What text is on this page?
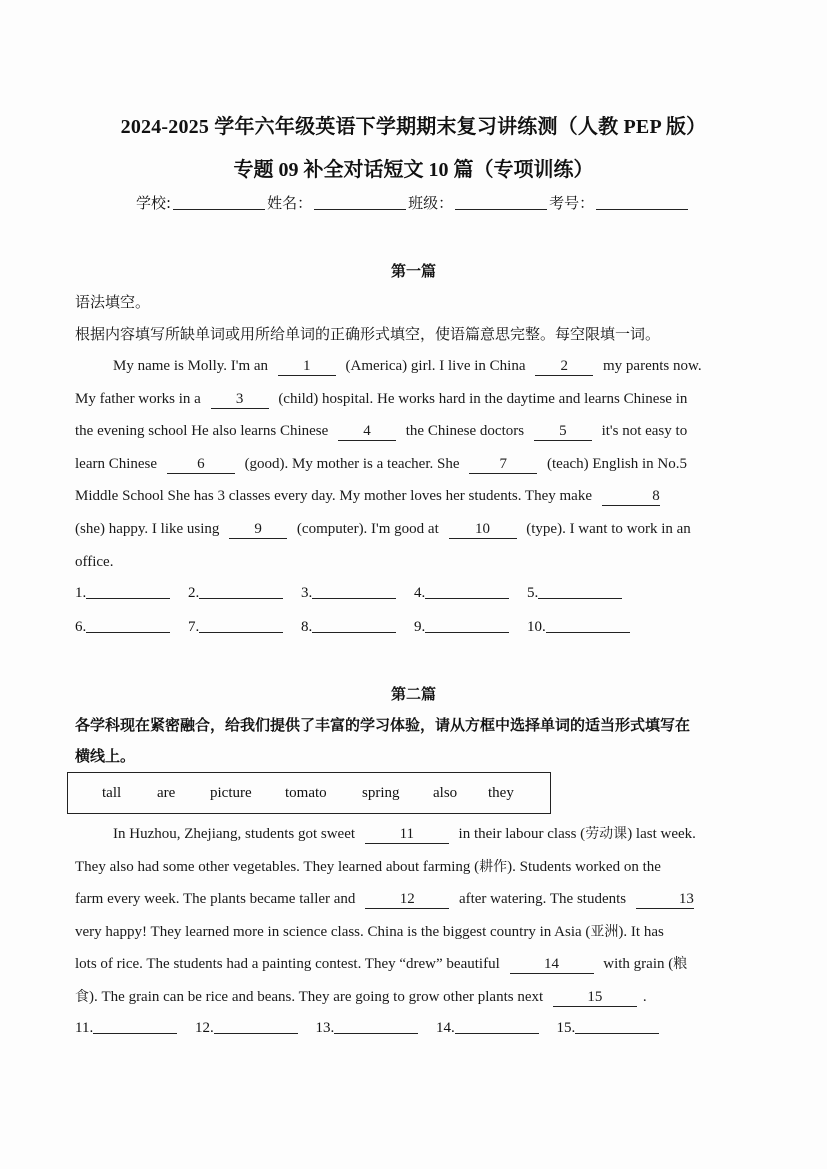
2024-2025 学年六年级英语下学期期末复习讲练测（人教 PEP 版）
专题 09 补全对话短文 10 篇（专项训练）
学校:	姓名：	班级：	考号：
第一篇
语法填空。
根据内容填写所缺单词或用所给单词的正确形式填空，使语篇意思完整。每空限填一词。
My name is Molly. I'm an 1 (America) girl. I live in China 2 my parents now.
My father works in a 3 (child) hospital. He works hard in the daytime and learns Chinese in
the evening school He also learns Chinese 4 the Chinese doctors 5 it's not easy to
learn Chinese	6	(good). My mother is a teacher. She	7	(teach) English in No.5
Middle School She has 3 classes every day. My mother loves her students. They make	8
(she) happy. I like using 9 (computer). I'm good at 10 (type). I want to work in an
office.
1.	2.	3.	4.	5.
6.	7.	8.	9.	10.
第二篇
各学科现在紧密融合，给我们提供了丰富的学习体验，请从方框中选择单词的适当形式填写在
横线上。
tall are picture tomato spring also they
In Huzhou, Zhejiang, students got sweet	11	in their labour class (劳动课) last week.
They also had some other vegetables. They learned about farming (耕作). Students worked on the
farm every week. The plants became taller and	12	after watering. The students	13
very happy! They learned more in science class. China is the biggest country in Asia (亚洲). It has
lots of rice. The students had a painting contest. They “drew” beautiful	14	with grain (粮
食). The grain can be rice and beans. They are going to grow other plants next	15	.
11.	12.	13.	14.	15.
